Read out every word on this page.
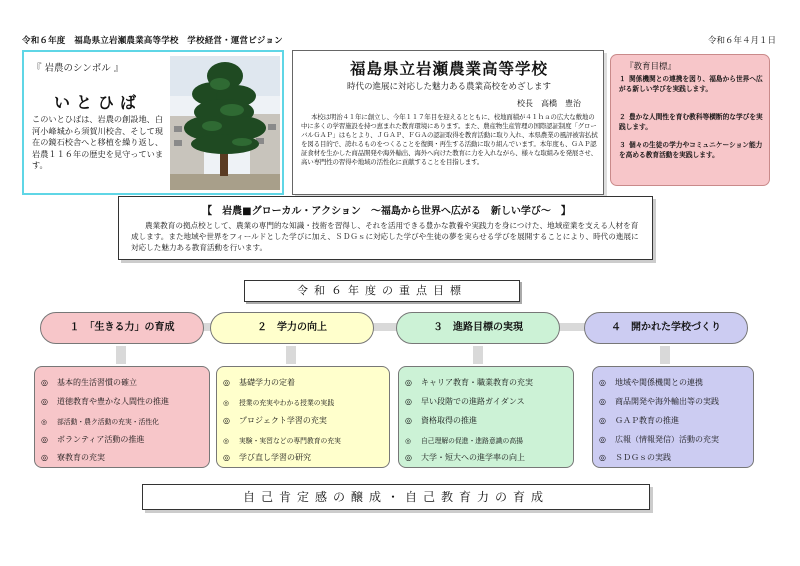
令和６年度　福島県立岩瀬農業高等学校　学校経営・運営ビジョン	令和６年４月１日
『 岩農のシンボル 』
いとひば
このいとひばは、岩農の創設地、白河小峰城から須賀川校舎、そして現在の鏡石校舎へと移植を繰り返し、岩農１１６年の歴史を見守っています。
福島県立岩瀬農業高等学校
時代の進展に対応した魅力ある農業高校をめざします
校長　高橋　豊治
本校は明治４１年に創立し、今年１１７年目を迎えるとともに、校地面積が４１ｈａの広大な敷地の中に多くの学習施設を持つ恵まれた教育環境にあります。また、農産物生産管理の国際認証制度「グローバルＧＡＰ」はもとより、ＪＧＡＰ、ＦＧＡの認証取得を教育活動に取り入れ、本県農業の風評被害払拭を図る目的で、誇れるものをつくることを復興・再生する活動に取り組んでいます。本年度も、ＧＡＰ認証食材を生かした商品開発や海外輸出、海外へ向けた教育に力を入れながら、様々な取組みを発展させ、高い専門性の習得や地域の活性化に貢献することを目指します。
『教育目標』
１ 関係機関との連携を図り、福島から世界へ広がる新しい学びを実践します。
２ 豊かな人間性を育む教科等横断的な学びを実践します。
３ 個々の生徒の学力やコミュニケーション能力を高める教育活動を実践します。
【　岩農■グローカル・アクション　～福島から世界へ広がる　新しい学び～　】
農業教育の拠点校として、農業の専門的な知識・技術を習得し、それを活用できる豊かな教養や実践力を身につけた、地域産業を支える人材を育成します。また地域や世界をフィールドとした学びに加え、ＳＤＧｓに対応した学びや生徒の夢を実らせる学びを展開することにより、時代の進展に対応した魅力ある教育活動を行います。
令和６年度の重点目標
１　「生きる力」の育成	２　学力の向上	３　進路目標の実現	４　開かれた学校づくり
◎ 基本的生活習慣の確立
◎ 道徳教育や豊かな人間性の推進
◎ 部活動・農ク活動の充実・活性化
◎ ボランティア活動の推進
◎ 寮教育の充実
◎ 基礎学力の定着
◎ 授業の充実やわかる授業の実践
◎ プロジェクト学習の充実
◎ 実験・実習などの専門教育の充実
◎ 学び直し学習の研究
◎ キャリア教育・職業教育の充実
◎ 早い段階での進路ガイダンス
◎ 資格取得の推進
◎ 自己理解の促進・進路意識の高揚
◎ 大学・短大への進学率の向上
◎ 地域や関係機関との連携
◎ 商品開発や海外輸出等の実践
◎ ＧＡＰ教育の推進
◎ 広報（情報発信）活動の充実
◎ ＳＤＧｓの実践
自己肯定感の醸成・自己教育力の育成
